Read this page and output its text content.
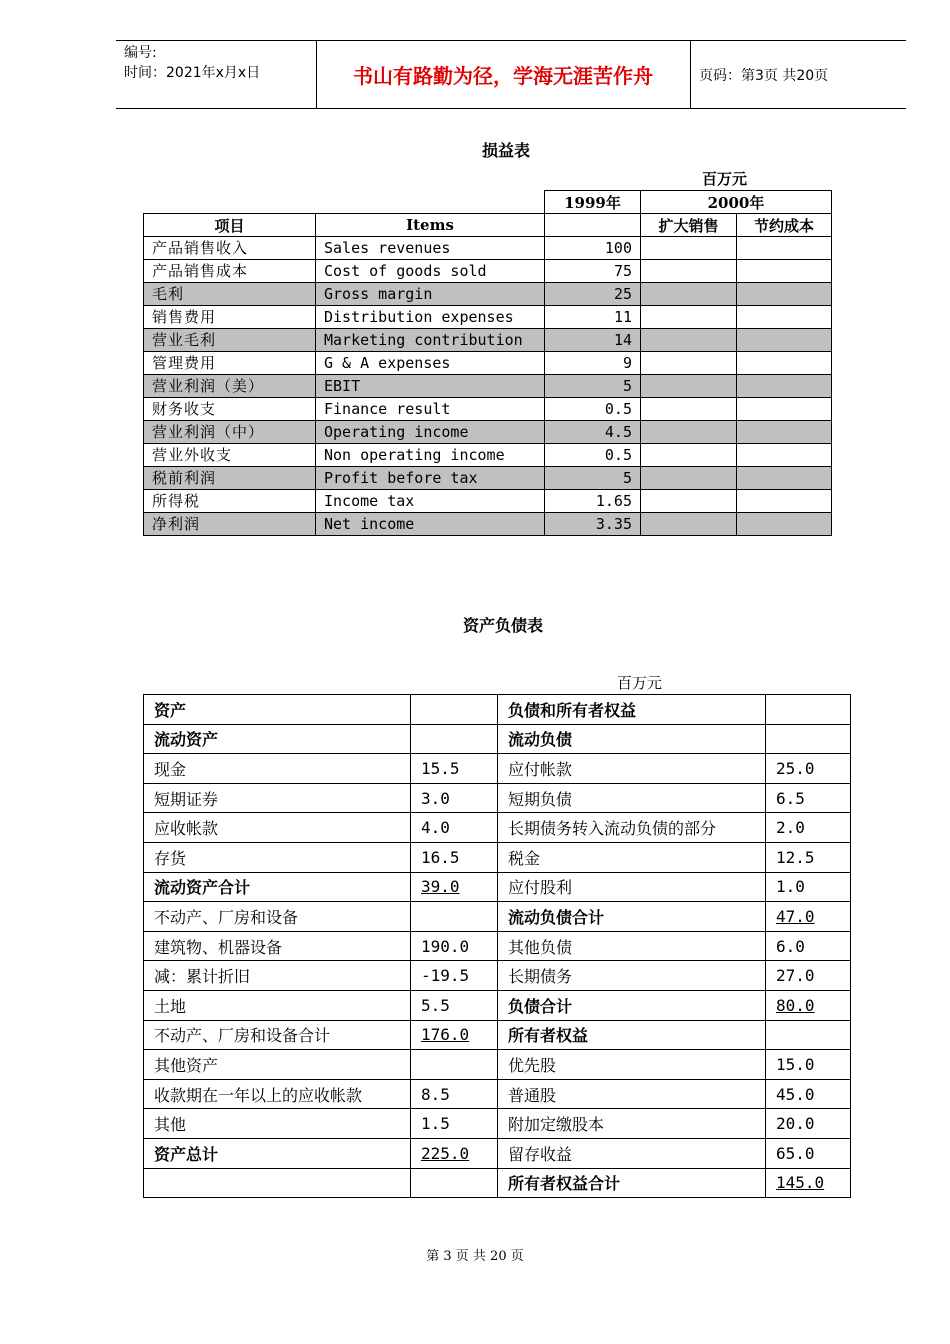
编号:
时间：2021年x月x日	书山有路勤为径，学海无涯苦作舟	页码：第3页 共20页
损益表
百万元
		1999年	2000年	
项目	Items		扩大销售	节约成本
产品销售收入	Sales revenues	100		
产品销售成本	Cost of goods sold	75		
毛利	Gross margin	25		
销售费用	Distribution expenses	11		
营业毛利	Marketing contribution	14		
管理费用	G & A expenses	9		
营业利润（美）	EBIT	5		
财务收支	Finance result	0.5		
营业利润（中）	Operating income	4.5		
营业外收支	Non operating income	0.5		
税前利润	Profit before tax	5		
所得税	Income tax	1.65		
净利润	Net income	3.35		
资产负债表
百万元
资产		负债和所有者权益	
流动资产		流动负债	
现金	15.5	应付帐款	25.0
短期证券	3.0	短期负债	6.5
应收帐款	4.0	长期债务转入流动负债的部分	2.0
存货	16.5	税金	12.5
流动资产合计	39.0	应付股利	1.0
不动产、厂房和设备		流动负债合计	47.0
建筑物、机器设备	190.0	其他负债	6.0
减：累计折旧	-19.5	长期债务	27.0
土地	5.5	负债合计	80.0
不动产、厂房和设备合计	176.0	所有者权益	
其他资产		优先股	15.0
收款期在一年以上的应收帐款	8.5	普通股	45.0
其他	1.5	附加定缴股本	20.0
资产总计	225.0	留存收益	65.0
		所有者权益合计	145.0
第 3 页 共 20 页
